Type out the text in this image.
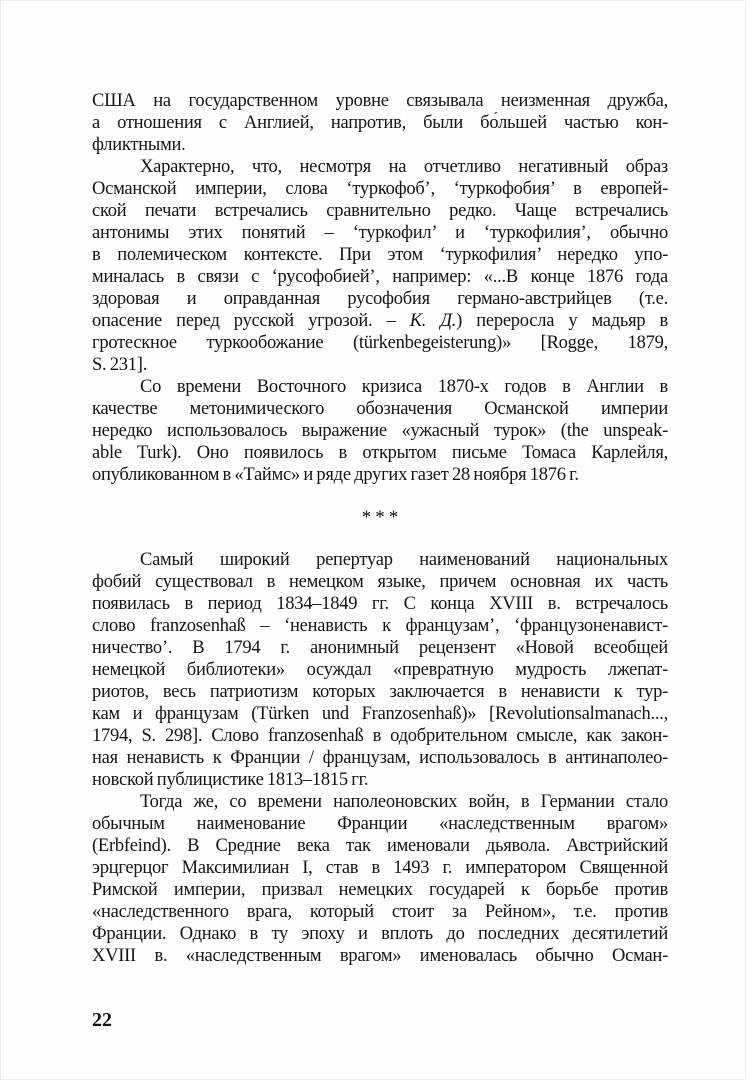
США на государственном уровне связывала неизменная дружба,
а отношения с Англией, напротив, были бо́льшей частью кон-
фликтными.
Характерно, что, несмотря на отчетливо негативный образ
Османской империи, слова ‘туркофоб’, ‘туркофобия’ в европей-
ской печати встречались сравнительно редко. Чаще встречались
антонимы этих понятий – ‘туркофил’ и ‘туркофилия’, обычно
в полемическом контексте. При этом ‘туркофилия’ нередко упо-
миналась в связи с ‘русофобией’, например: «...В конце 1876 года
здоровая и оправданная русофобия германо-австрийцев (т.е.
опасение перед русской угрозой. – К. Д.) переросла у мадьяр в
гротескное туркообожание (türkenbegeisterung)» [Rogge, 1879,
S. 231].
Со времени Восточного кризиса 1870-х годов в Англии в
качестве метонимического обозначения Османской империи
нередко использовалось выражение «ужасный турок» (the unspeak-
able Turk). Оно появилось в открытом письме Томаса Карлейля,
опубликованном в «Таймс» и ряде других газет 28 ноября 1876 г.
***
Самый широкий репертуар наименований национальных
фобий существовал в немецком языке, причем основная их часть
появилась в период 1834–1849 гг. С конца XVIII в. встречалось
слово franzosenhaß – ‘ненависть к французам’, ‘французоненавист-
ничество’. В 1794 г. анонимный рецензент «Новой всеобщей
немецкой библиотеки» осуждал «превратную мудрость лжепат-
риотов, весь патриотизм которых заключается в ненависти к тур-
кам и французам (Türken und Franzosenhaß)» [Revolutionsalmanach...,
1794, S. 298]. Слово franzosenhaß в одобрительном смысле, как закон-
ная ненависть к Франции / французам, использовалось в антинаполео-
новской публицистике 1813–1815 гг.
Тогда же, со времени наполеоновских войн, в Германии стало
обычным наименование Франции «наследственным врагом»
(Erbfeind). В Средние века так именовали дьявола. Австрийский
эрцгерцог Максимилиан I, став в 1493 г. императором Священной
Римской империи, призвал немецких государей к борьбе против
«наследственного врага, который стоит за Рейном», т.е. против
Франции. Однако в ту эпоху и вплоть до последних десятилетий
XVIII в. «наследственным врагом» именовалась обычно Осман-
22
